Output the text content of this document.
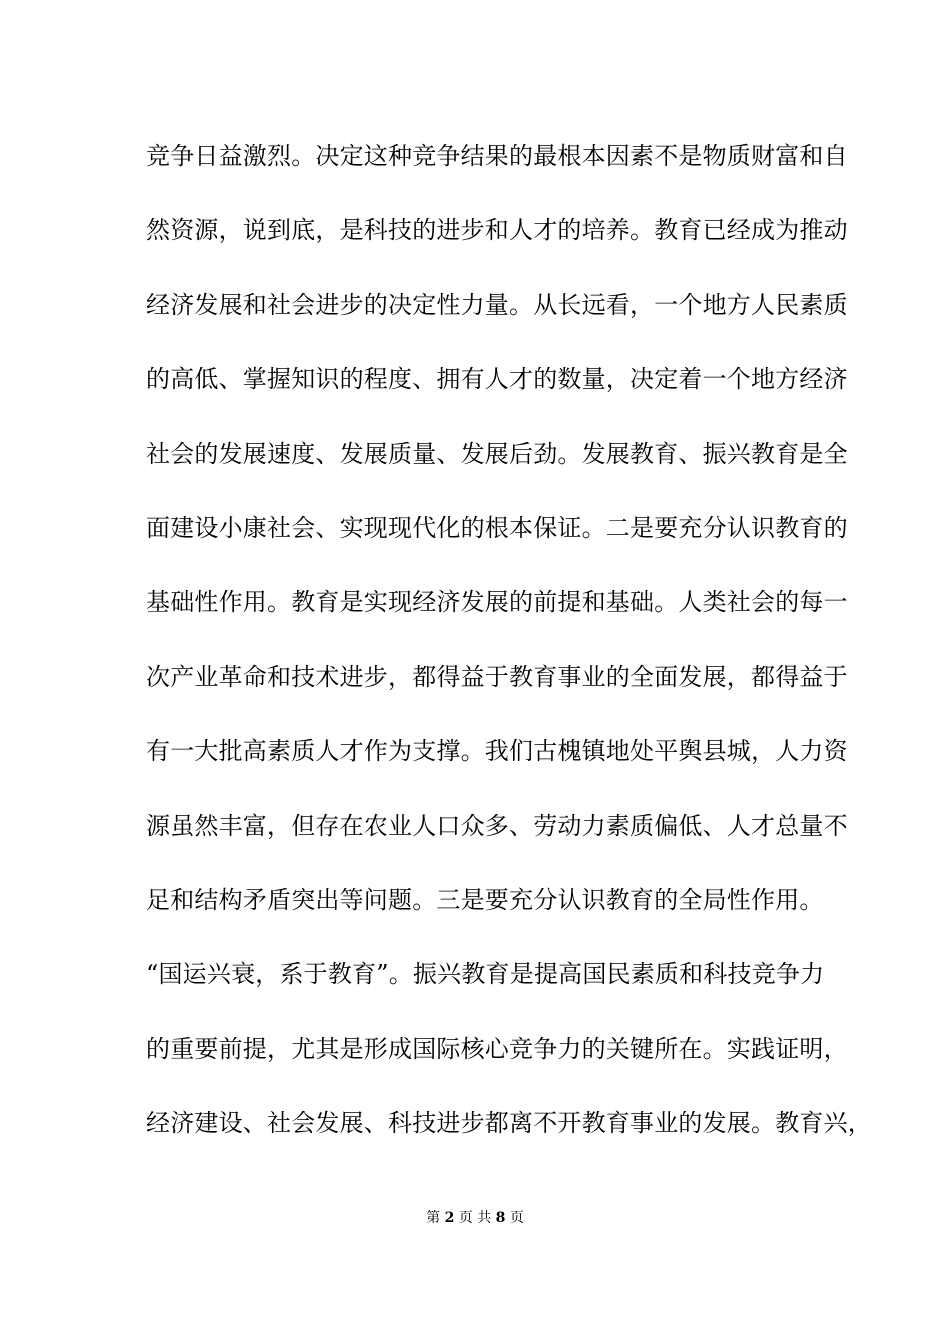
竞争日益激烈。决定这种竞争结果的最根本因素不是物质财富和自
然资源，说到底，是科技的进步和人才的培养。教育已经成为推动
经济发展和社会进步的决定性力量。从长远看，一个地方人民素质
的高低、掌握知识的程度、拥有人才的数量，决定着一个地方经济
社会的发展速度、发展质量、发展后劲。发展教育、振兴教育是全
面建设小康社会、实现现代化的根本保证。二是要充分认识教育的
基础性作用。教育是实现经济发展的前提和基础。人类社会的每一
次产业革命和技术进步，都得益于教育事业的全面发展，都得益于
有一大批高素质人才作为支撑。我们古槐镇地处平舆县城，人力资
源虽然丰富，但存在农业人口众多、劳动力素质偏低、人才总量不
足和结构矛盾突出等问题。三是要充分认识教育的全局性作用。
“国运兴衰，系于教育”。振兴教育是提高国民素质和科技竞争力
的重要前提，尤其是形成国际核心竞争力的关键所在。实践证明，
经济建设、社会发展、科技进步都离不开教育事业的发展。教育兴，
第 2 页 共 8 页
